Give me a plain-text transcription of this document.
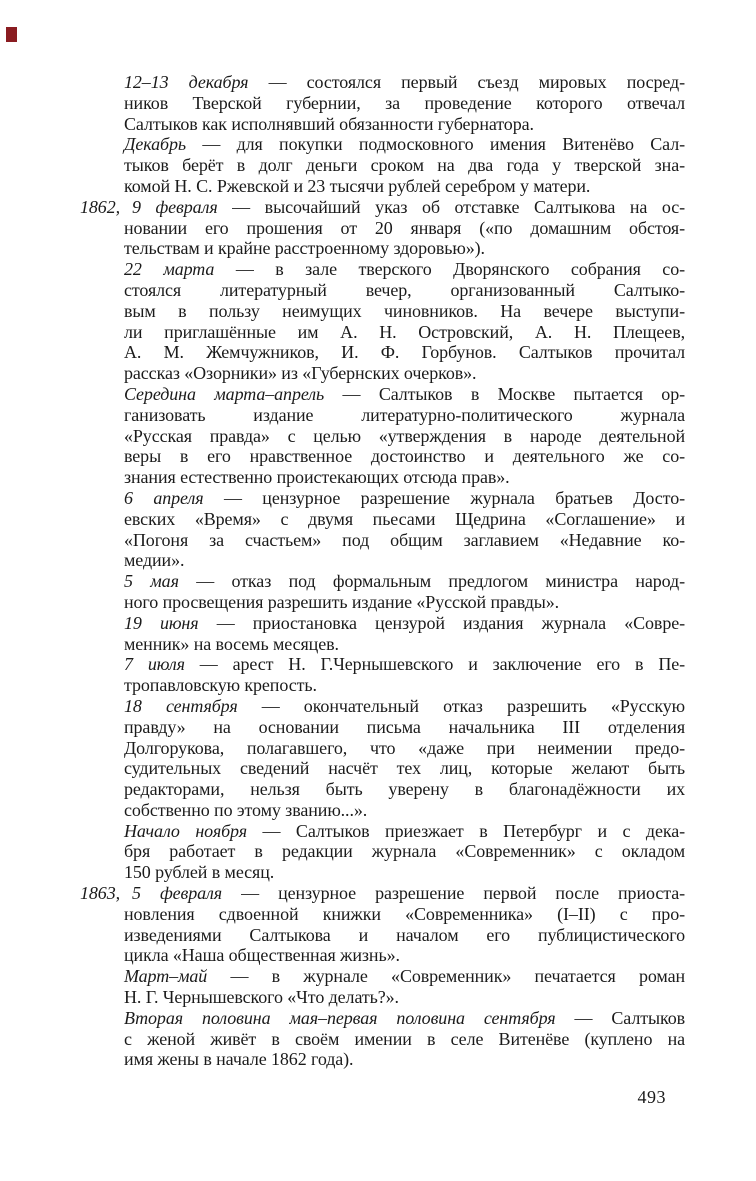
12–13 декабря — состоялся первый съезд мировых посред-
ников Тверской губернии, за проведение которого отвечал
Салтыков как исполнявший обязанности губернатора.
Декабрь — для покупки подмосковного имения Витенёво Сал-
тыков берёт в долг деньги сроком на два года у тверской зна-
комой Н. С. Ржевской и 23 тысячи рублей серебром у матери.
1862, 9 февраля — высочайший указ об отставке Салтыкова на ос-
новании его прошения от 20 января («по домашним обстоя-
тельствам и крайне расстроенному здоровью»).
22 марта — в зале тверского Дворянского собрания со-
стоялся литературный вечер, организованный Салтыко-
вым в пользу неимущих чиновников. На вечере выступи-
ли приглашённые им А. Н. Островский, А. Н. Плещеев,
А. М. Жемчужников, И. Ф. Горбунов. Салтыков прочитал
рассказ «Озорники» из «Губернских очерков».
Середина марта–апрель — Салтыков в Москве пытается ор-
ганизовать издание литературно-политического журнала
«Русская правда» с целью «утверждения в народе деятельной
веры в его нравственное достоинство и деятельного же со-
знания естественно проистекающих отсюда прав».
6 апреля — цензурное разрешение журнала братьев Досто-
евских «Время» с двумя пьесами Щедрина «Соглашение» и
«Погоня за счастьем» под общим заглавием «Недавние ко-
медии».
5 мая — отказ под формальным предлогом министра народ-
ного просвещения разрешить издание «Русской правды».
19 июня — приостановка цензурой издания журнала «Совре-
менник» на восемь месяцев.
7 июля — арест Н. Г.Чернышевского и заключение его в Пе-
тропавловскую крепость.
18 сентября — окончательный отказ разрешить «Русскую
правду» на основании письма начальника III отделения
Долгорукова, полагавшего, что «даже при неимении предо-
судительных сведений насчёт тех лиц, которые желают быть
редакторами, нельзя быть уверену в благонадёжности их
собственно по этому званию...».
Начало ноября — Салтыков приезжает в Петербург и с дека-
бря работает в редакции журнала «Современник» с окладом
150 рублей в месяц.
1863, 5 февраля — цензурное разрешение первой после приоста-
новления сдвоенной книжки «Современника» (I–II) с про-
изведениями Салтыкова и началом его публицистического
цикла «Наша общественная жизнь».
Март–май — в журнале «Современник» печатается роман
Н. Г. Чернышевского «Что делать?».
Вторая половина мая–первая половина сентября — Салтыков
с женой живёт в своём имении в селе Витенёве (куплено на
имя жены в начале 1862 года).
493
